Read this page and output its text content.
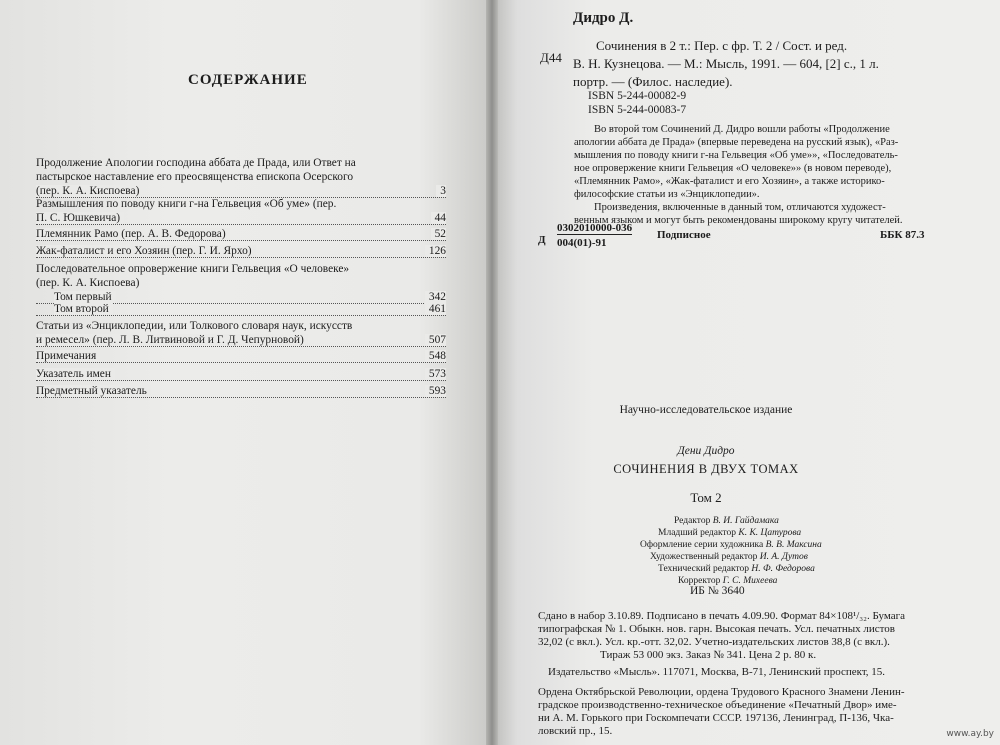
СОДЕРЖАНИЕ
Продолжение Апологии господина аббата де Прада, или Ответ на
пастырское наставление его преосвященства епископа Осерского
(пер. К. А. Киспоева)	3
Размышления по поводу книги г-на Гельвеция «Об уме» (пер.
П. С. Юшкевича)	44
Племянник Рамо (пер. А. В. Федорова)	52
Жак-фаталист и его Хозяин (пер. Г. И. Ярхо)	126
Последовательное опровержение книги Гельвеция «О человеке»
(пер. К. А. Киспоева)
Том первый	342
Том второй	461
Статьи из «Энциклопедии, или Толкового словаря наук, искусств
и ремесел» (пер. Л. В. Литвиновой и Г. Д. Чепурновой)	507
Примечания	548
Указатель имен	573
Предметный указатель	593
Дидро Д.
Д44
Сочинения в 2 т.: Пер. с фр. Т. 2 / Сост. и ред.
В. Н. Кузнецова. — М.: Мысль, 1991. — 604, [2] с., 1 л.
портр. — (Филос. наследие).
ISBN 5-244-00082-9
ISBN 5-244-00083-7
Во второй том Сочинений Д. Дидро вошли работы «Продолжение
апологии аббата де Прада» (впервые переведена на русский язык), «Раз-
мышления по поводу книги г-на Гельвеция «Об уме»», «Последователь-
ное опровержение книги Гельвеция «О человеке»» (в новом переводе),
«Племянник Рамо», «Жак-фаталист и его Хозяин», а также историко-
философские статьи из «Энциклопедии».
Произведения, включенные в данный том, отличаются художест-
венным языком и могут быть рекомендованы широкому кругу читателей.
Д
0302010000-036
004(01)-91
Подписное	ББК 87.3
Научно-исследовательское издание
Дени Дидро
СОЧИНЕНИЯ В ДВУХ ТОМАХ
Том 2
Редактор В. И. Гайдамака
Младший редактор К. К. Цатурова
Оформление серии художника В. В. Максина
Художественный редактор И. А. Дутов
Технический редактор Н. Ф. Федорова
Корректор Г. С. Михеева
ИБ № 3640
Сдано в набор 3.10.89. Подписано в печать 4.09.90. Формат 84×108¹/₃₂. Бумага
типографская № 1. Обыкн. нов. гарн. Высокая печать. Усл. печатных листов
32,02 (с вкл.). Усл. кр.-отт. 32,02. Учетно-издательских листов 38,8 (с вкл.).
Тираж 53 000 экз. Заказ № 341. Цена 2 р. 80 к.
Издательство «Мысль». 117071, Москва, В-71, Ленинский проспект, 15.
Ордена Октябрьской Революции, ордена Трудового Красного Знамени Ленин-
градское производственно-техническое объединение «Печатный Двор» име-
ни А. М. Горького при Госкомпечати СССР. 197136, Ленинград, П-136, Чка-
ловский пр., 15.	www.ay.by
